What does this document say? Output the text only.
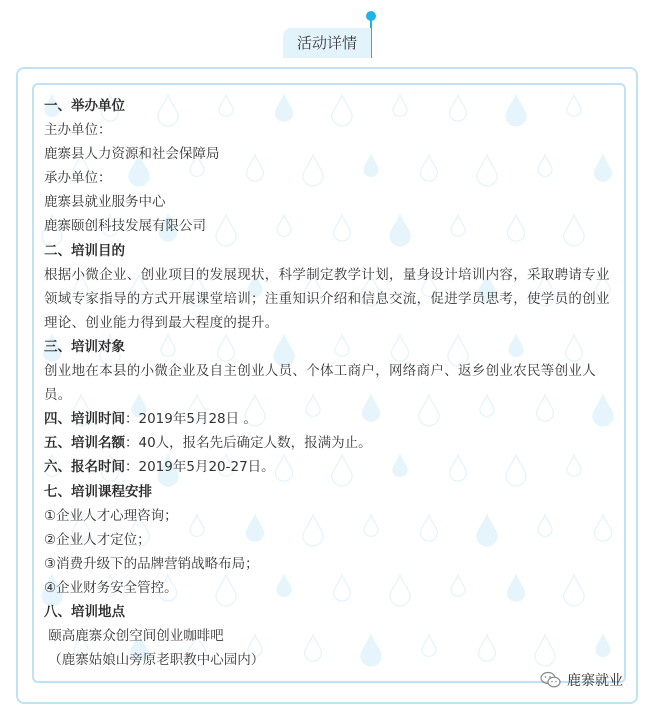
活动详情
一、举办单位
主办单位：
鹿寨县人力资源和社会保障局
承办单位：
鹿寨县就业服务中心
鹿寨颐创科技发展有限公司
二、培训目的
根据小微企业、创业项目的发展现状，科学制定教学计划，量身设计培训内容，采取聘请专业领域专家指导的方式开展课堂培训；注重知识介绍和信息交流，促进学员思考，使学员的创业理论、创业能力得到最大程度的提升。
三、培训对象
创业地在本县的小微企业及自主创业人员、个体工商户，网络商户、返乡创业农民等创业人员。
四、培训时间：2019年5月28日 。
五、培训名额：40人，报名先后确定人数，报满为止。
六、报名时间：2019年5月20-27日。
七、培训课程安排
①企业人才心理咨询；
②企业人才定位；
③消费升级下的品牌营销战略布局；
④企业财务安全管控。
八、培训地点
颐高鹿寨众创空间创业咖啡吧
（鹿寨姑娘山旁原老职教中心园内）
鹿寨就业
